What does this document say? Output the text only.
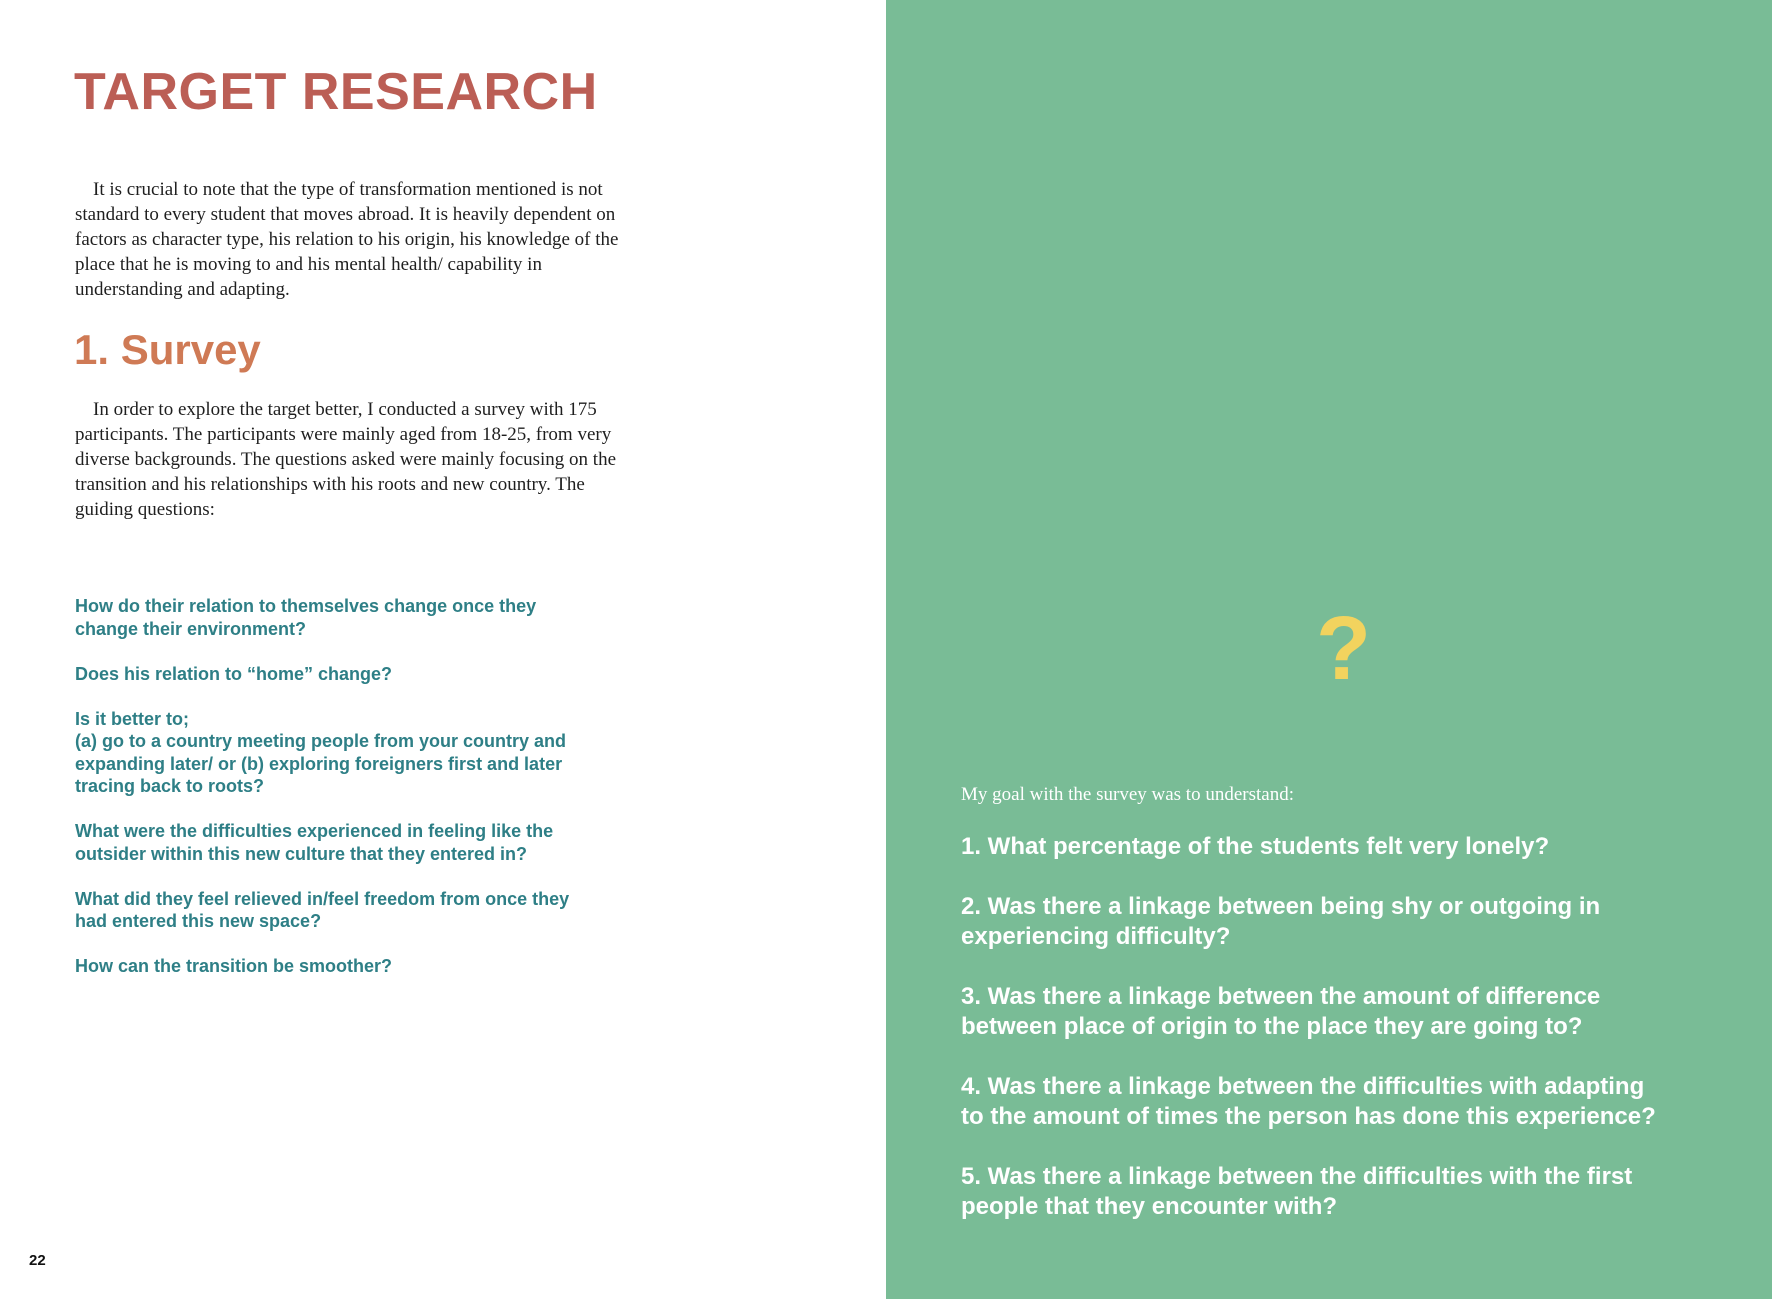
TARGET RESEARCH

It is crucial to note that the type of transformation mentioned is not standard to every student that moves abroad. It is heavily dependent on factors as character type, his relation to his origin, his knowledge of the place that he is moving to and his mental health/ capability in understanding and adapting.

1. Survey

In order to explore the target better, I conducted a survey with 175 participants. The participants were mainly aged from 18-25, from very diverse backgrounds. The questions asked were mainly focusing on the transition and his relationships with his roots and new country. The guiding questions:

How do their relation to themselves change once they
change their environment?
Does his relation to “home” change?
Is it better to;
(a) go to a country meeting people from your country and
expanding later/ or (b) exploring foreigners first and later
tracing back to roots?
What were the difficulties experienced in feeling like the
outsider within this new culture that they entered in?
What did they feel relieved in/feel freedom from once they
had entered this new space?
How can the transition be smoother?
22
?

My goal with the survey was to understand:

1. What percentage of the students felt very lonely?
2. Was there a linkage between being shy or outgoing in
experiencing difficulty?
3. Was there a linkage between the amount of difference
between place of origin to the place they are going to?
4. Was there a linkage between the difficulties with adapting
to the amount of times the person has done this experience?
5. Was there a linkage between the difficulties with the first
people that they encounter with?
